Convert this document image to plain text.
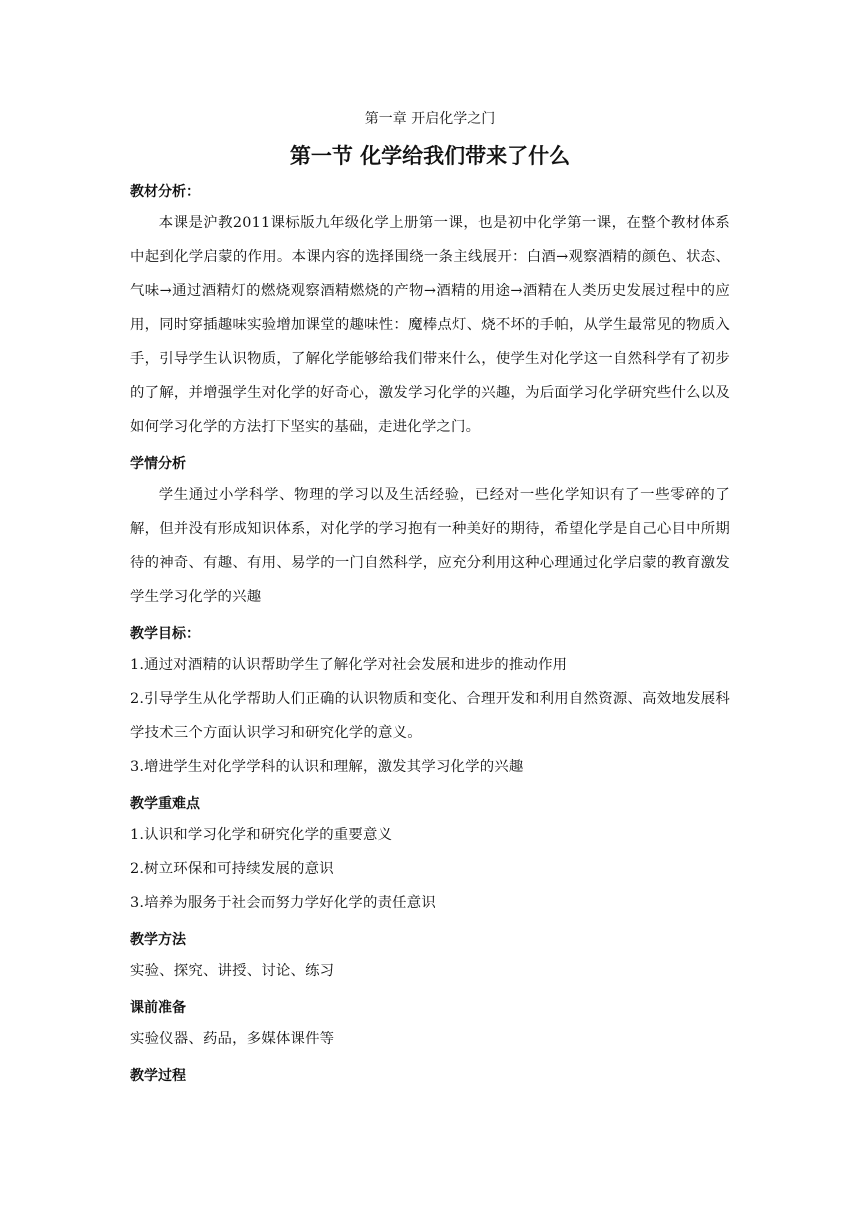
第一章 开启化学之门
第一节 化学给我们带来了什么
教材分析：

本课是沪教2011课标版九年级化学上册第一课，也是初中化学第一课，在整个教材体系中起到化学启蒙的作用。本课内容的选择围绕一条主线展开：白酒→观察酒精的颜色、状态、气味→通过酒精灯的燃烧观察酒精燃烧的产物→酒精的用途→酒精在人类历史发展过程中的应用，同时穿插趣味实验增加课堂的趣味性：魔棒点灯、烧不坏的手帕，从学生最常见的物质入手，引导学生认识物质，了解化学能够给我们带来什么，使学生对化学这一自然科学有了初步的了解，并增强学生对化学的好奇心，激发学习化学的兴趣，为后面学习化学研究些什么以及如何学习化学的方法打下坚实的基础，走进化学之门。

学情分析

学生通过小学科学、物理的学习以及生活经验，已经对一些化学知识有了一些零碎的了解，但并没有形成知识体系，对化学的学习抱有一种美好的期待，希望化学是自己心目中所期待的神奇、有趣、有用、易学的一门自然科学，应充分利用这种心理通过化学启蒙的教育激发学生学习化学的兴趣

教学目标：

1.通过对酒精的认识帮助学生了解化学对社会发展和进步的推动作用

2.引导学生从化学帮助人们正确的认识物质和变化、合理开发和利用自然资源、高效地发展科学技术三个方面认识学习和研究化学的意义。

3.增进学生对化学学科的认识和理解，激发其学习化学的兴趣

教学重难点

1.认识和学习化学和研究化学的重要意义

2.树立环保和可持续发展的意识

3.培养为服务于社会而努力学好化学的责任意识

教学方法

实验、探究、讲授、讨论、练习

课前准备

实验仪器、药品，多媒体课件等

教学过程
